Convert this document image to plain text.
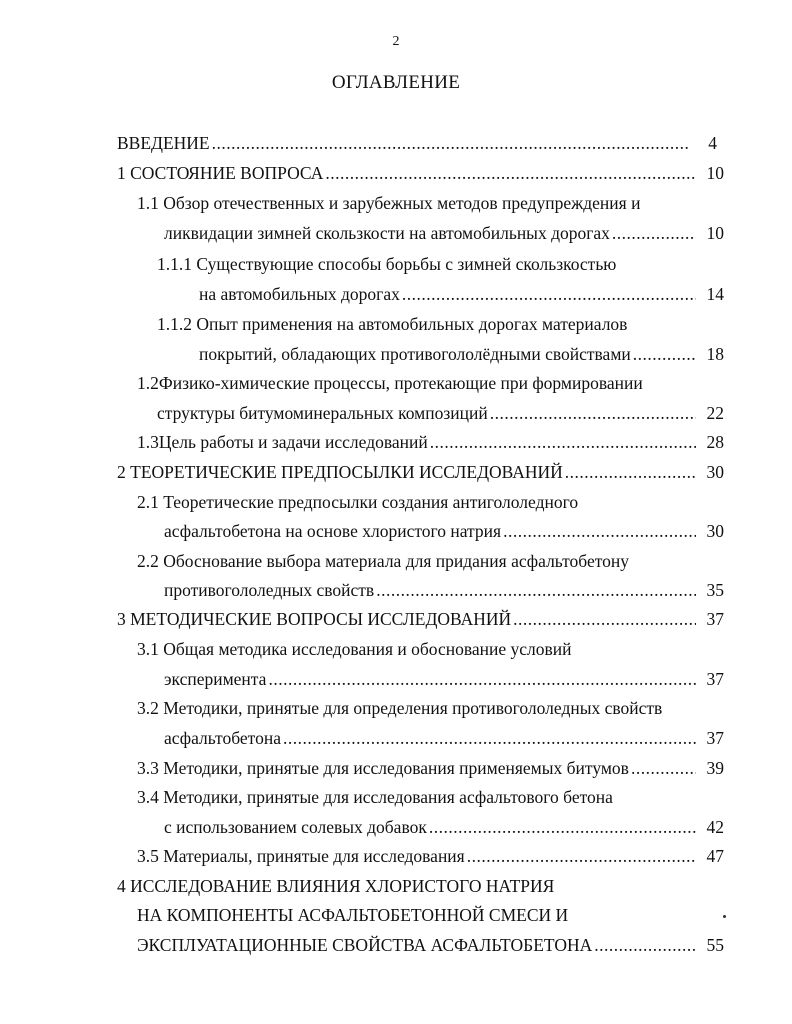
2
ОГЛАВЛЕНИЕ
ВВЕДЕНИЕ .....	4
1 СОСТОЯНИЕ ВОПРОСА .....	10
1.1 Обзор отечественных и зарубежных методов предупреждения и
ликвидации зимней скользкости на автомобильных дорогах .....	10
1.1.1 Существующие способы борьбы с зимней скользкостью
на автомобильных дорогах .....	14
1.1.2 Опыт применения на автомобильных дорогах материалов
покрытий, обладающих противогололёдными свойствами .....	18
1.2Физико-химические процессы, протекающие при формировании
структуры битумоминеральных композиций .....	22
1.3Цель работы и задачи исследований .....	28
2 ТЕОРЕТИЧЕСКИЕ ПРЕДПОСЫЛКИ ИССЛЕДОВАНИЙ .....	30
2.1 Теоретические предпосылки создания антигололедного
асфальтобетона на основе хлористого натрия .....	30
2.2 Обоснование выбора материала для придания асфальтобетону
противогололедных свойств .....	35
3 МЕТОДИЧЕСКИЕ ВОПРОСЫ ИССЛЕДОВАНИЙ .....	37
3.1 Общая методика исследования и обоснование условий
эксперимента .....	37
3.2 Методики, принятые для определения противогололедных свойств
асфальтобетона .....	37
3.3 Методики, принятые для исследования применяемых битумов .....	39
3.4 Методики, принятые для исследования асфальтового бетона
с использованием солевых добавок .....	42
3.5 Материалы, принятые для исследования .....	47
4 ИССЛЕДОВАНИЕ ВЛИЯНИЯ ХЛОРИСТОГО НАТРИЯ
НА КОМПОНЕНТЫ АСФАЛЬТОБЕТОННОЙ СМЕСИ И
ЭКСПЛУАТАЦИОННЫЕ СВОЙСТВА АСФАЛЬТОБЕТОНА .....	55
